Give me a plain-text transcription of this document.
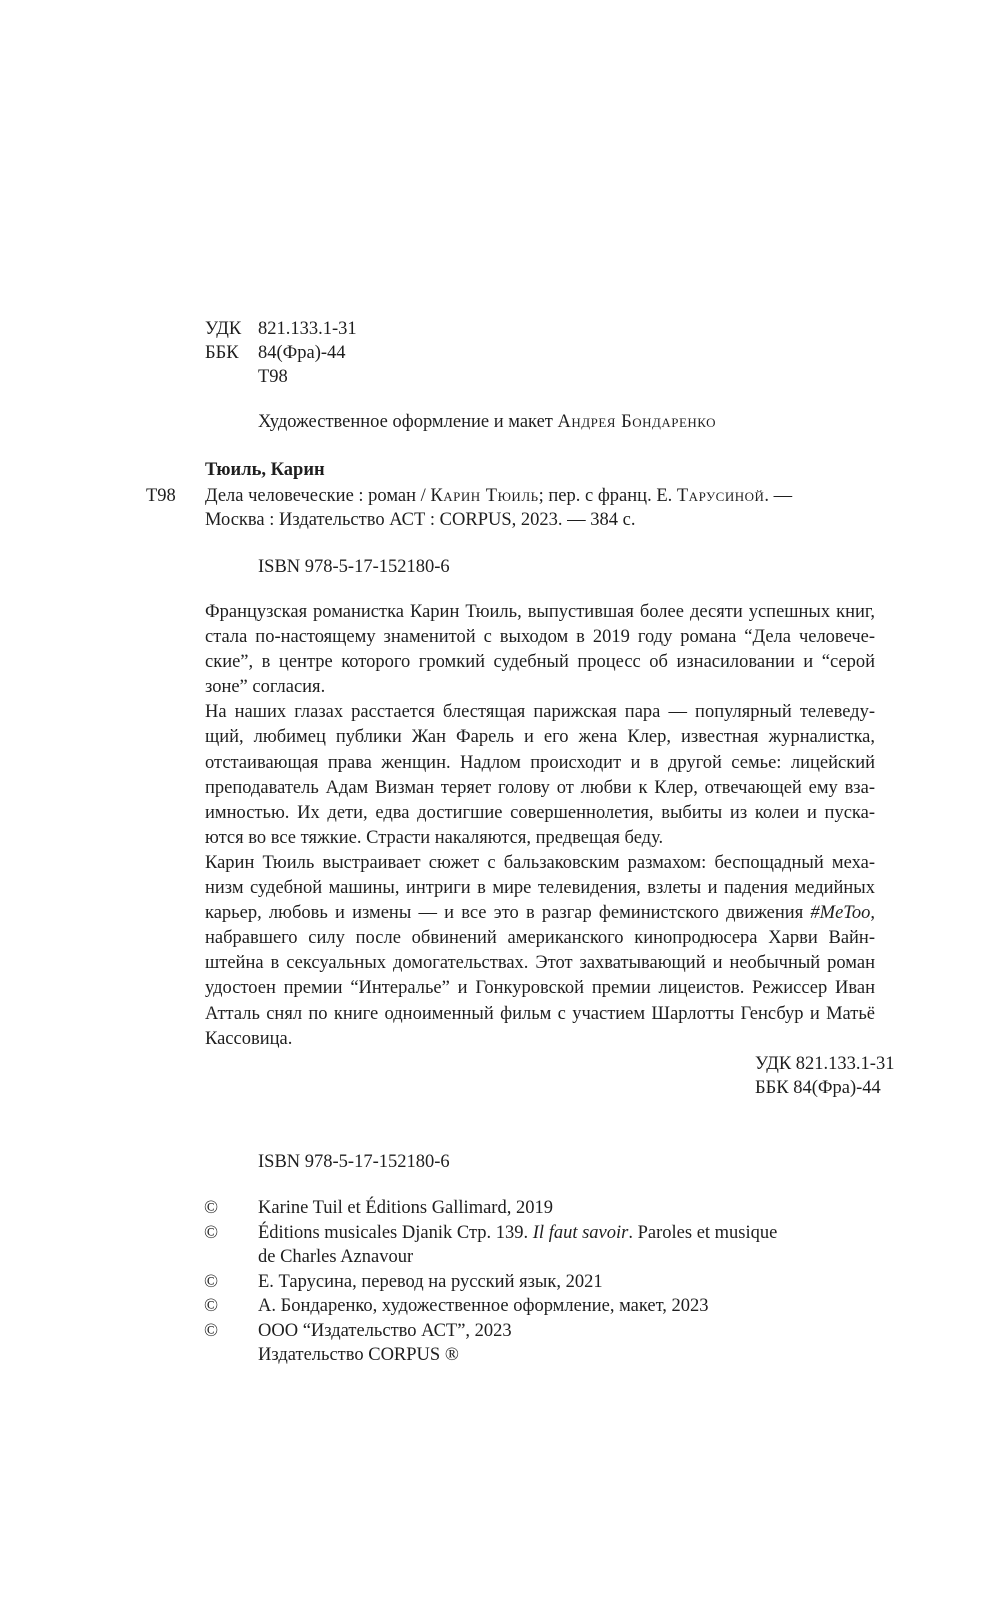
УДК 821.133.1-31
ББК 84(Фра)-44
Т98
Художественное оформление и макет Андрея Бондаренко
Тюиль, Карин
Т98 Дела человеческие : роман / Карин Тюиль; пер. с франц. Е. Тарусиной. —
Москва : Издательство АСТ : CORPUS, 2023. — 384 с.
ISBN 978-5-17-152180-6

Французская романистка Карин Тюиль, выпустившая более десяти успешных книг,
стала по-настоящему знаменитой с выходом в 2019 году романа “Дела человече-
ские”, в центре которого громкий судебный процесс об изнасиловании и “серой
зоне” согласия.

На наших глазах расстается блестящая парижская пара — популярный телеведу-
щий, любимец публики Жан Фарель и его жена Клер, известная журналистка,
отстаивающая права женщин. Надлом происходит и в другой семье: лицейский
преподаватель Адам Визман теряет голову от любви к Клер, отвечающей ему вза-
имностью. Их дети, едва достигшие совершеннолетия, выбиты из колеи и пуска-
ются во все тяжкие. Страсти накаляются, предвещая беду.

Карин Тюиль выстраивает сюжет с бальзаковским размахом: беспощадный меха-
низм судебной машины, интриги в мире телевидения, взлеты и падения медийных
карьер, любовь и измены — и все это в разгар феминистского движения #MeToo,
набравшего силу после обвинений американского кинопродюсера Харви Вайн-
штейна в сексуальных домогательствах. Этот захватывающий и необычный роман
удостоен премии “Интералье” и Гонкуровской премии лицеистов. Режиссер Иван
Атталь снял по книге одноименный фильм с участием Шарлотты Генсбур и Матьё
Кассовица.

УДК 821.133.1-31
ББК 84(Фра)-44
ISBN 978-5-17-152180-6
© Karine Tuil et Éditions Gallimard, 2019
© Éditions musicales Djanik Стр. 139. Il faut savoir. Paroles et musique
de Charles Aznavour
© Е. Тарусина, перевод на русский язык, 2021
© А. Бондаренко, художественное оформление, макет, 2023
© ООО “Издательство АСТ”, 2023
Издательство CORPUS ®
